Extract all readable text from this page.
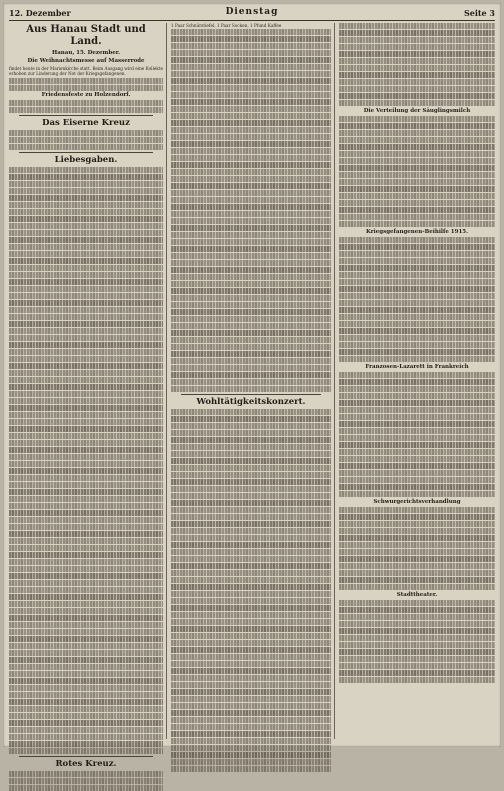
12. Dezember	Dienstag	Seite 3
Aus Hanau Stadt und Land.
Hanau, 15. Dezember.
Die Weihnachtsmesse auf Masserrode
findet heute in der Marienkirche statt. Beim Ausgang wird eine Kollekte erhoben zur Linderung der Not der Kriegsgefangenen.
Friedensfeste zu Holzendorf.
Das Eiserne Kreuz
Liebesgaben.
Rotes Kreuz.
1 Paar Schnürstiefel, 1 Paar Socken, 1 Pfund Kaffee
Wohltätigkeitskonzert.
Die Verteilung der Säuglingsmilch
Kriegsgefangenen-Beihilfe 1915.
Franzosen-Lazarett in Frankreich
Schwurgerichtsverhandlung
Stadttheater.
